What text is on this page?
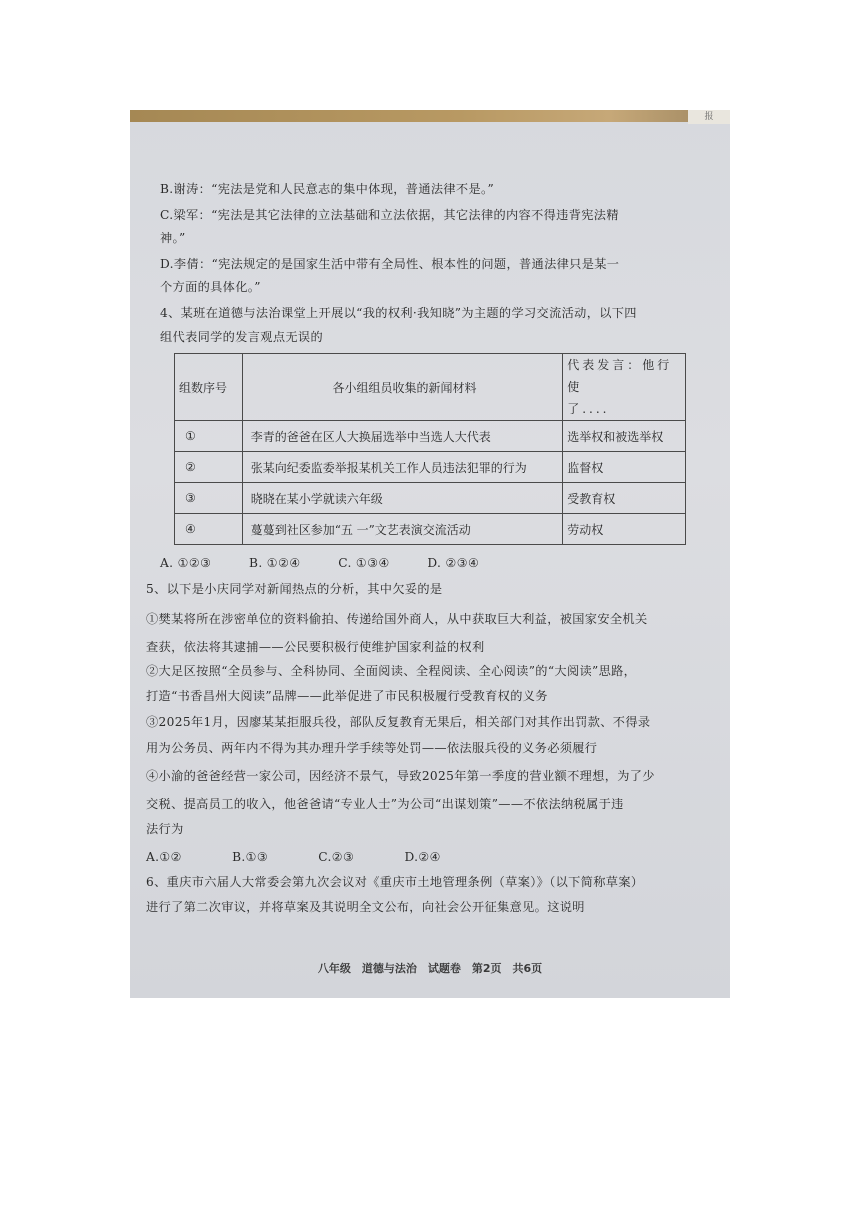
报
B.谢涛：“宪法是党和人民意志的集中体现，普通法律不是。”
C.梁军：“宪法是其它法律的立法基础和立法依据，其它法律的内容不得违背宪法精
神。”
D.李倩：“宪法规定的是国家生活中带有全局性、根本性的问题，普通法律只是某一
个方面的具体化。”
4、某班在道德与法治课堂上开展以“我的权利·我知晓”为主题的学习交流活动，以下四
组代表同学的发言观点无误的
组数序号	各小组组员收集的新闻材料	代表发言：他行使
了....
①	李青的爸爸在区人大换届选举中当选人大代表	选举权和被选举权
②	张某向纪委监委举报某机关工作人员违法犯罪的行为	监督权
③	晓晓在某小学就读六年级	受教育权
④	蔓蔓到社区参加“五 一”文艺表演交流活动	劳动权
A. ①②③　　　B. ①②④　　　C. ①③④　　　D. ②③④
5、以下是小庆同学对新闻热点的分析，其中欠妥的是
①樊某将所在涉密单位的资料偷拍、传递给国外商人，从中获取巨大利益，被国家安全机关
查获，依法将其逮捕——公民要积极行使维护国家利益的权利
②大足区按照“全员参与、全科协同、全面阅读、全程阅读、全心阅读”的“大阅读”思路，
打造“书香昌州大阅读”品牌——此举促进了市民积极履行受教育权的义务
③2025年1月，因廖某某拒服兵役，部队反复教育无果后，相关部门对其作出罚款、不得录
用为公务员、两年内不得为其办理升学手续等处罚——依法服兵役的义务必须履行
④小渝的爸爸经营一家公司，因经济不景气，导致2025年第一季度的营业额不理想，为了少
交税、提高员工的收入，他爸爸请“专业人士”为公司“出谋划策”——不依法纳税属于违
法行为
A.①②　　　　B.①③　　　　C.②③　　　　D.②④
6、重庆市六届人大常委会第九次会议对《重庆市土地管理条例（草案）》（以下简称草案）
进行了第二次审议，并将草案及其说明全文公布，向社会公开征集意见。这说明
八年级　道德与法治　试题卷　第2页　共6页
